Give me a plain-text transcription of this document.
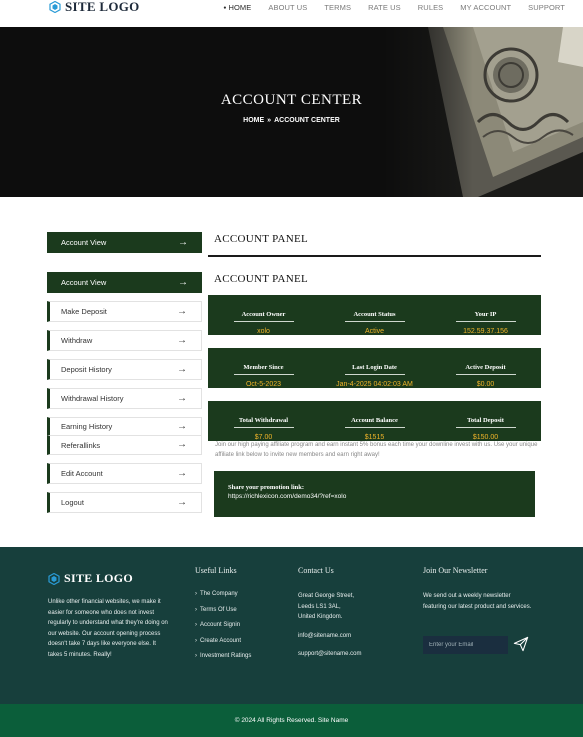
SITE LOGO
●	HOME ABOUT US TERMS RATE US RULES MY ACCOUNT SUPPORT
ACCOUNT CENTER
HOME » ACCOUNT CENTER
Account View	→
Account View	→
Make Deposit	→
Withdraw	→
Deposit History	→
Withdrawal History	→
Earning History	→
Referallinks	→
Edit Account	→
Logout	→
ACCOUNT PANEL
ACCOUNT PANEL
Account Owner
xolo
Account Status
Active
Your IP
152.59.37.156
Member Since
Oct-5-2023
Last Login Date
Jan-4-2025 04:02:03 AM
Active Deposit
$0.00
Total Withdrawal
$7.00
Account Balance
$1515
Total Deposit
$150.00
Join our high paying affiliate program and earn instant 5% bonus each time your downline invest with us. Use your unique affiliate link below to invite new members and earn right away!
Share your promotion link:
https://richlexicon.com/demo34/?ref=xolo
SITE LOGO
Unlike other financial websites, we make it easier for someone who does not invest regularly to understand what they're doing on our website. Our account opening process doesn't take 7 days like everyone else. It takes 5 minutes. Really!
Useful Links
› The Company
› Terms Of Use
› Account Signin
› Create Account
› Investment Ratings
Contact Us
Great George Street,
Leeds LS1 3AL,
United Kingdom.
info@sitename.com
support@sitename.com
Join Our Newsletter
We send out a weekly newsletter featuring our latest product and services.
Enter your Email
© 2024 All Rights Reserved. Site Name
